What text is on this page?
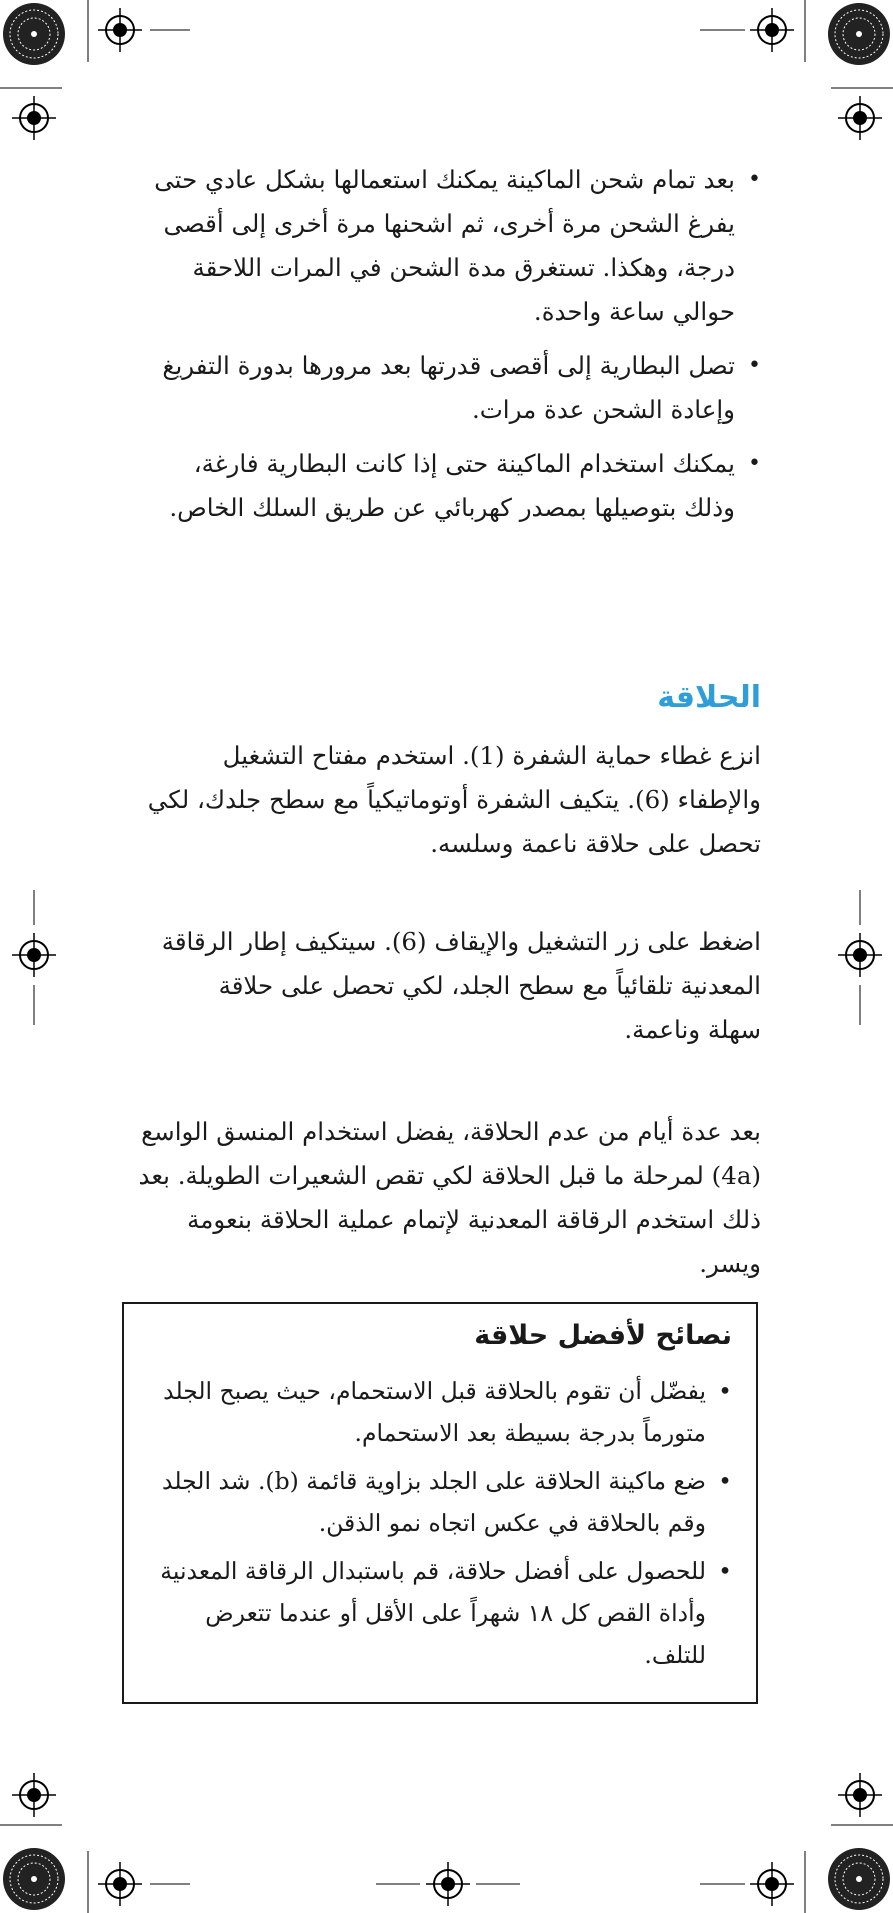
• بعد تمام شحن الماكينة يمكنك استعمالها بشكل عادي حتى يفرغ الشحن مرة أخرى، ثم اشحنها مرة أخرى إلى أقصى درجة، وهكذا. تستغرق مدة الشحن في المرات اللاحقة حوالي ساعة واحدة.
• تصل البطارية إلى أقصى قدرتها بعد مرورها بدورة التفريغ وإعادة الشحن عدة مرات.
• يمكنك استخدام الماكينة حتى إذا كانت البطارية فارغة، وذلك بتوصيلها بمصدر كهربائي عن طريق السلك الخاص.
الحلاقة
انزع غطاء حماية الشفرة (1). استخدم مفتاح التشغيل والإطفاء (6). يتكيف الشفرة أوتوماتيكياً مع سطح جلدك، لكي تحصل على حلاقة ناعمة وسلسه.
اضغط على زر التشغيل والإيقاف (6). سيتكيف إطار الرقاقة المعدنية تلقائياً مع سطح الجلد، لكي تحصل على حلاقة سهلة وناعمة.
بعد عدة أيام من عدم الحلاقة، يفضل استخدام المنسق الواسع (4a) لمرحلة ما قبل الحلاقة لكي تقص الشعيرات الطويلة. بعد ذلك استخدم الرقاقة المعدنية لإتمام عملية الحلاقة بنعومة ويسر.
نصائح لأفضل حلاقة
• يفضّل أن تقوم بالحلاقة قبل الاستحمام، حيث يصبح الجلد متورماً بدرجة بسيطة بعد الاستحمام.
• ضع ماكينة الحلاقة على الجلد بزاوية قائمة (b). شد الجلد وقم بالحلاقة في عكس اتجاه نمو الذقن.
• للحصول على أفضل حلاقة، قم باستبدال الرقاقة المعدنية وأداة القص كل ١٨ شهراً على الأقل أو عندما تتعرض للتلف.
